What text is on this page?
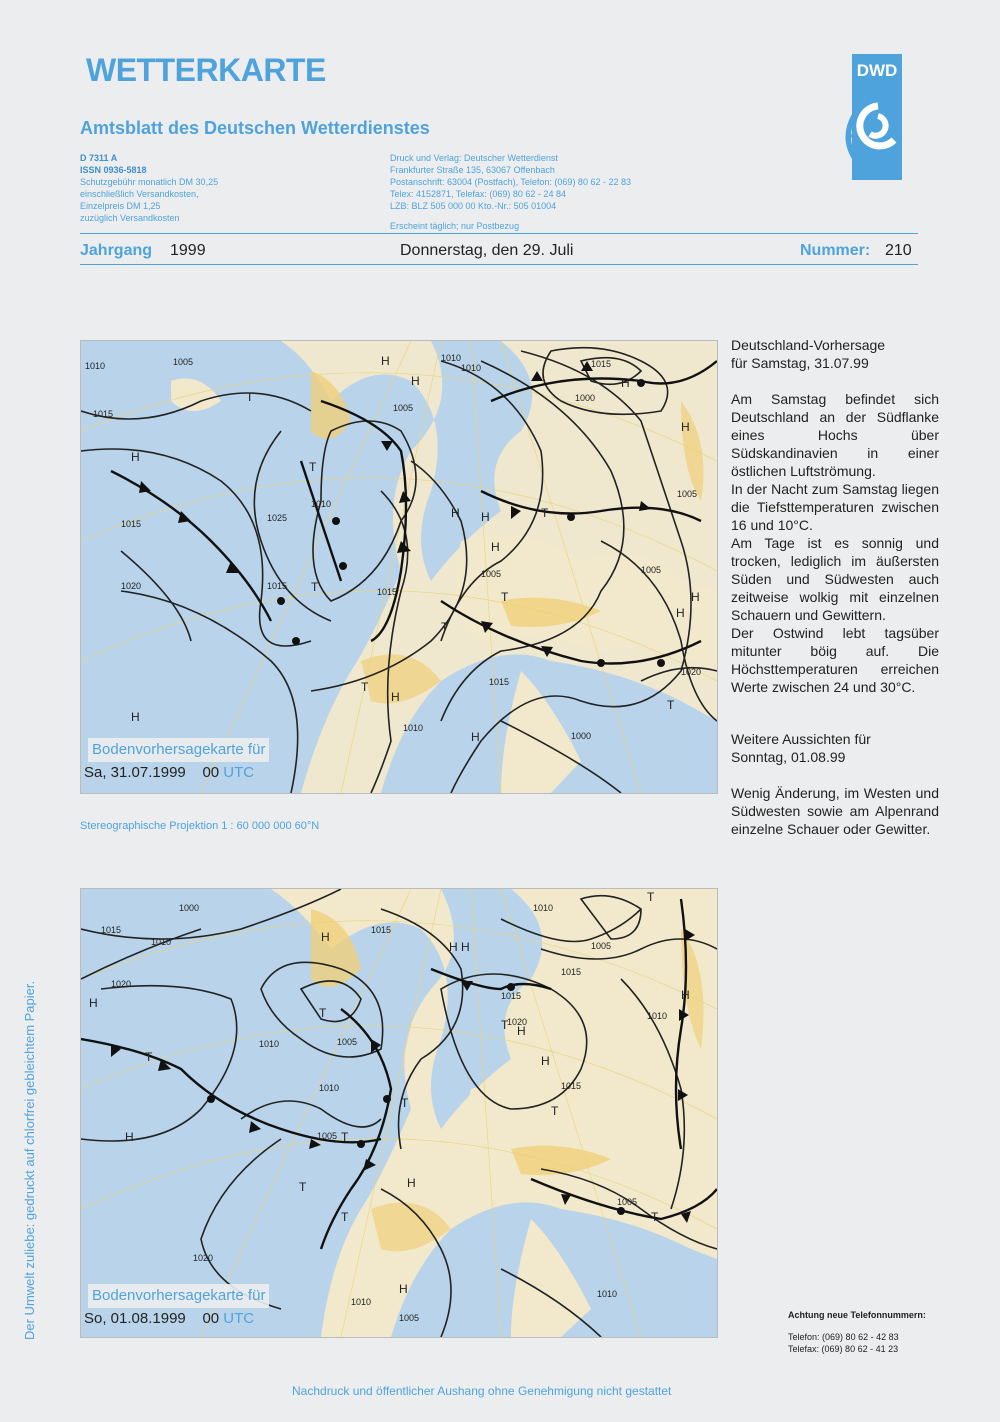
WETTERKARTE
Amtsblatt des Deutschen Wetterdienstes
DWD
D 7311 A
ISSN 0936-5818
Schutzgebühr monatlich DM 30,25
einschließlich Versandkosten,
Einzelpreis DM 1,25
zuzüglich Versandkosten
Druck und Verlag: Deutscher Wetterdienst
Frankfurter Straße 135, 63067 Offenbach
Postanschrift: 63004 (Postfach), Telefon: (069) 80 62 - 22 83
Telex: 4152871, Telefax: (069) 80 62 - 24 84
LZB: BLZ 505 000 00 Kto.-Nr.: 505 01004
Erscheint täglich; nur Postbezug
Jahrgang 1999	Donnerstag, den 29. Juli	Nummer: 210
H
H
H
H
T
T
T
H
H
H
T
H
T
H
H
T
H
T
H
T
H
1005
1010
1015
1015
1020
1025
1010
1005
1010
1015
1015
1015
1000
1005
1005
1015
1020
1010
1000
1010
1005
Bodenvorhersagekarte für
Sa, 31.07.1999 00 UTC
Stereographische Projektion 1 : 60 000 000 60°N
H
H
H
T
T
H
H	T
H
T
T
H
H
T
T	H
T
T	T
H
1000
1015
1010
1020
1010	1005
1015
1010
1005
1015
1020
1010
1005
1010
1015
1020
1015
1010
1010
1005
1005
Bodenvorhersagekarte für
So, 01.08.1999 00 UTC

Deutschland-Vorhersage

für Samstag, 31.07.99

Am Samstag befindet sich Deutschland an der Südflanke eines Hochs über Südskandinavien in einer östlichen Luftströmung.

In der Nacht zum Samstag liegen die Tiefsttemperaturen zwischen 16 und 10°C.

Am Tage ist es sonnig und trocken, lediglich im äußersten Süden und Südwesten auch zeitweise wolkig mit einzelnen Schauern und Gewittern.

Der Ostwind lebt tagsüber mitunter böig auf. Die Höchsttemperaturen erreichen Werte zwischen 24 und 30°C.

Weitere Aussichten für

Sonntag, 01.08.99

Wenig Änderung, im Westen und Südwesten sowie am Alpenrand einzelne Schauer oder Gewitter.

Achtung neue Telefonnummern:
Telefon: (069) 80 62 - 42 83
Telefax: (069) 80 62 - 41 23
Der Umwelt zuliebe: gedruckt auf chlorfrei gebleichtem Papier.
Nachdruck und öffentlicher Aushang ohne Genehmigung nicht gestattet
